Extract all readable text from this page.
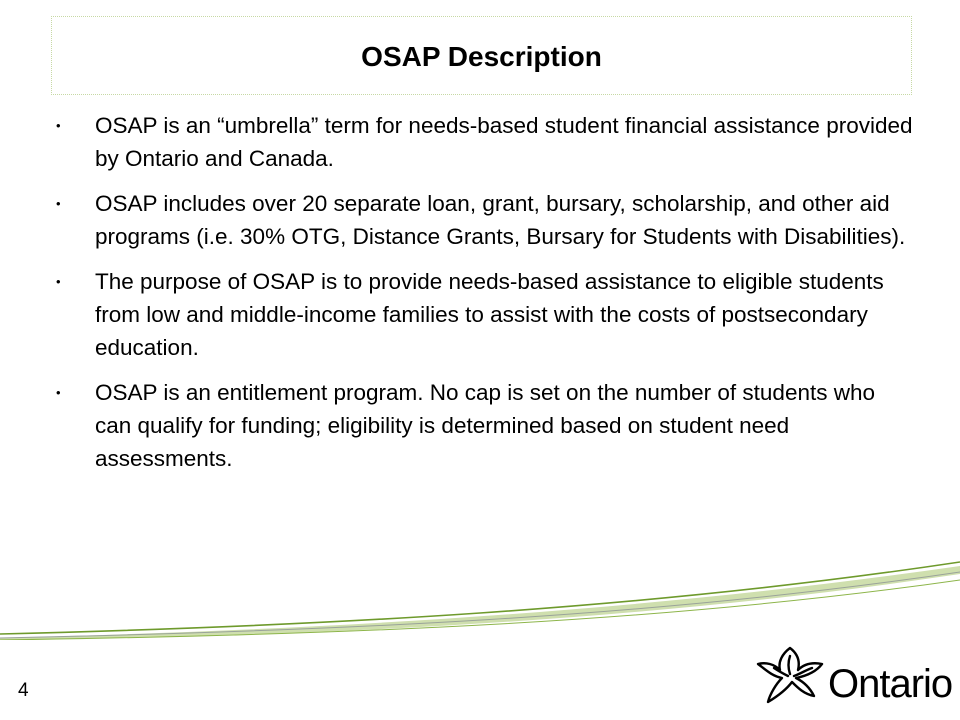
OSAP Description
• OSAP is an “umbrella” term for needs-based student financial assistance provided by Ontario and Canada.
• OSAP includes over 20 separate loan, grant, bursary, scholarship, and other aid programs (i.e. 30% OTG, Distance Grants, Bursary for Students with Disabilities).
• The purpose of OSAP is to provide needs-based assistance to eligible students from low and middle-income families to assist with the costs of postsecondary education.
• OSAP is an entitlement program. No cap is set on the number of students who can qualify for funding; eligibility is determined based on student need assessments.
4	Ontario
